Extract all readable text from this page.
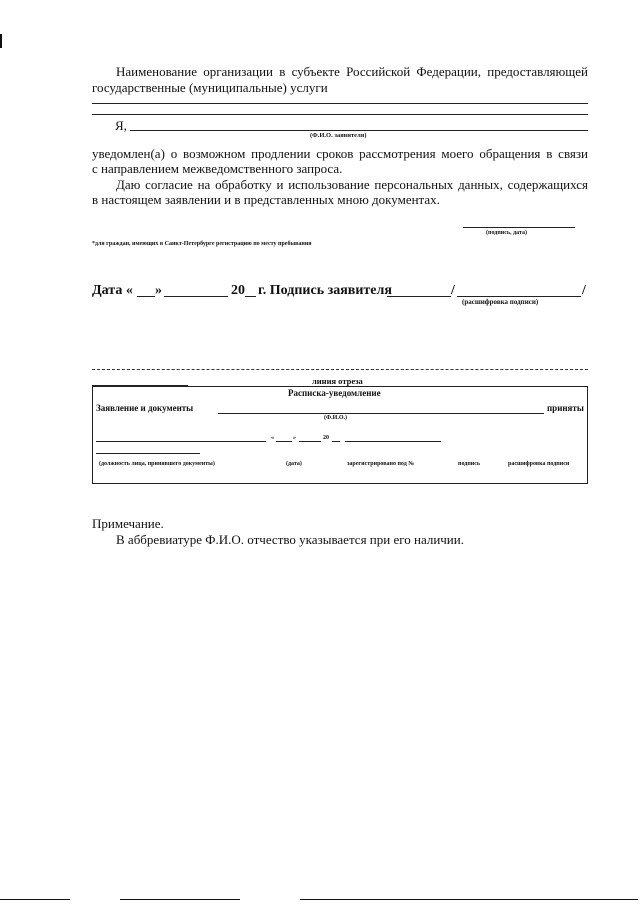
Наименование организации в субъекте Российской Федерации, предоставляющей
государственные (муниципальные) услуги
Я,
(Ф.И.О. заявителя)
уведомлен(а) о возможном продлении сроков рассмотрения моего обращения в связи
с направлением межведомственного запроса.
Даю согласие на обработку и использование персональных данных, содержащихся
в настоящем заявлении и в представленных мною документах.
(подпись, дата)
*для граждан, имеющих в Санкт-Петербурге регистрацию по месту пребывания
Дата « »	20 г. Подпись заявителя	/	/
(расшифровка подписи)
линия отреза
Расписка-уведомление
Заявление и документы	приняты
(Ф.И.О.)
«	»	20
(должность лица, принявшего документы)	(дата)	зарегистрировано под №	подпись	расшифровка подписи
Примечание.
В аббревиатуре Ф.И.О. отчество указывается при его наличии.
